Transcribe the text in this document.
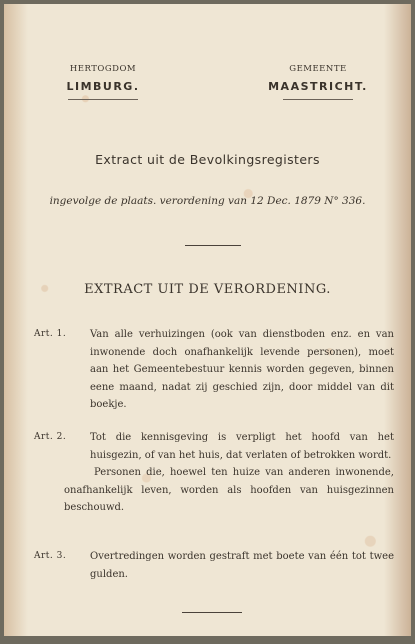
HERTOGDOM
LIMBURG.
GEMEENTE
MAASTRICHT.
Extract uit de Bevolkingsregisters
ingevolge de plaats. verordening van 12 Dec. 1879 N° 336.
EXTRACT UIT DE VERORDENING.
Art. 1. Van alle verhuizingen (ook van dienstboden enz. en van inwonende doch onafhankelijk levende personen), moet aan het Gemeentebestuur kennis worden gegeven, binnen eene maand, nadat zij geschied zijn, door middel van dit boekje.
Art. 2. Tot die kennisgeving is verpligt het hoofd van het huisgezin, of van het huis, dat verlaten of betrokken wordt.
Personen die, hoewel ten huize van anderen inwonende, onafhankelijk leven, worden als hoofden van huisgezinnen beschouwd.
Art. 3. Overtredingen worden gestraft met boete van één tot twee gulden.
